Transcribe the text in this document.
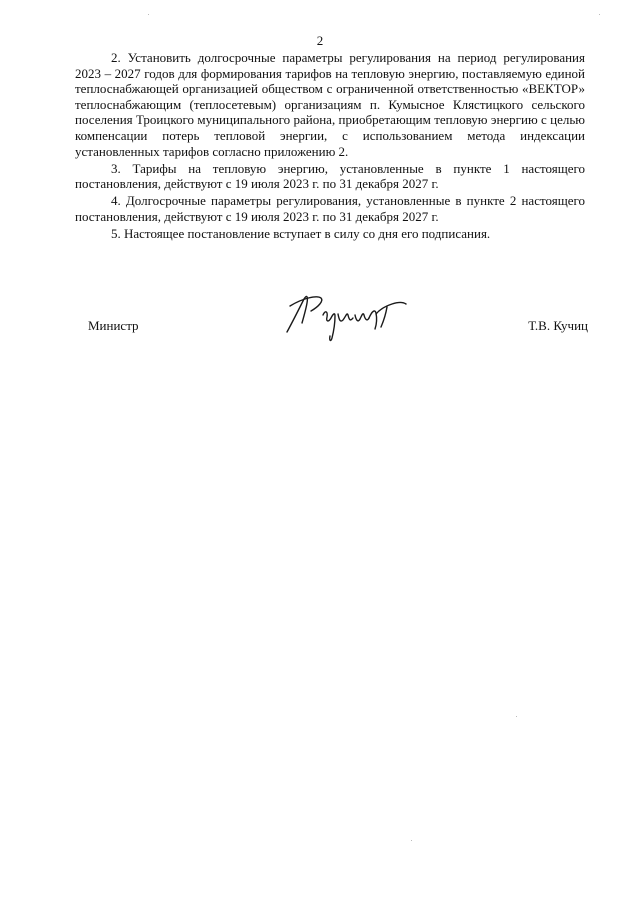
2

2. Установить долгосрочные параметры регулирования на период регулирования 2023 – 2027 годов для формирования тарифов на тепловую энергию, поставляемую единой теплоснабжающей организацией обществом с ограниченной ответственностью «ВЕКТОР» теплоснабжающим (теплосетевым) организациям п. Кумысное Клястицкого сельского поселения Троицкого муниципального района, приобретающим тепловую энергию с целью компенсации потерь тепловой энергии, с использованием метода индексации установленных тарифов согласно приложению 2.

3. Тарифы на тепловую энергию, установленные в пункте 1 настоящего постановления, действуют с 19 июля 2023 г. по 31 декабря 2027 г.

4. Долгосрочные параметры регулирования, установленные в пункте 2 настоящего постановления, действуют с 19 июля 2023 г. по 31 декабря 2027 г.

5. Настоящее постановление вступает в силу со дня его подписания.

Министр	Т.В. Кучиц
